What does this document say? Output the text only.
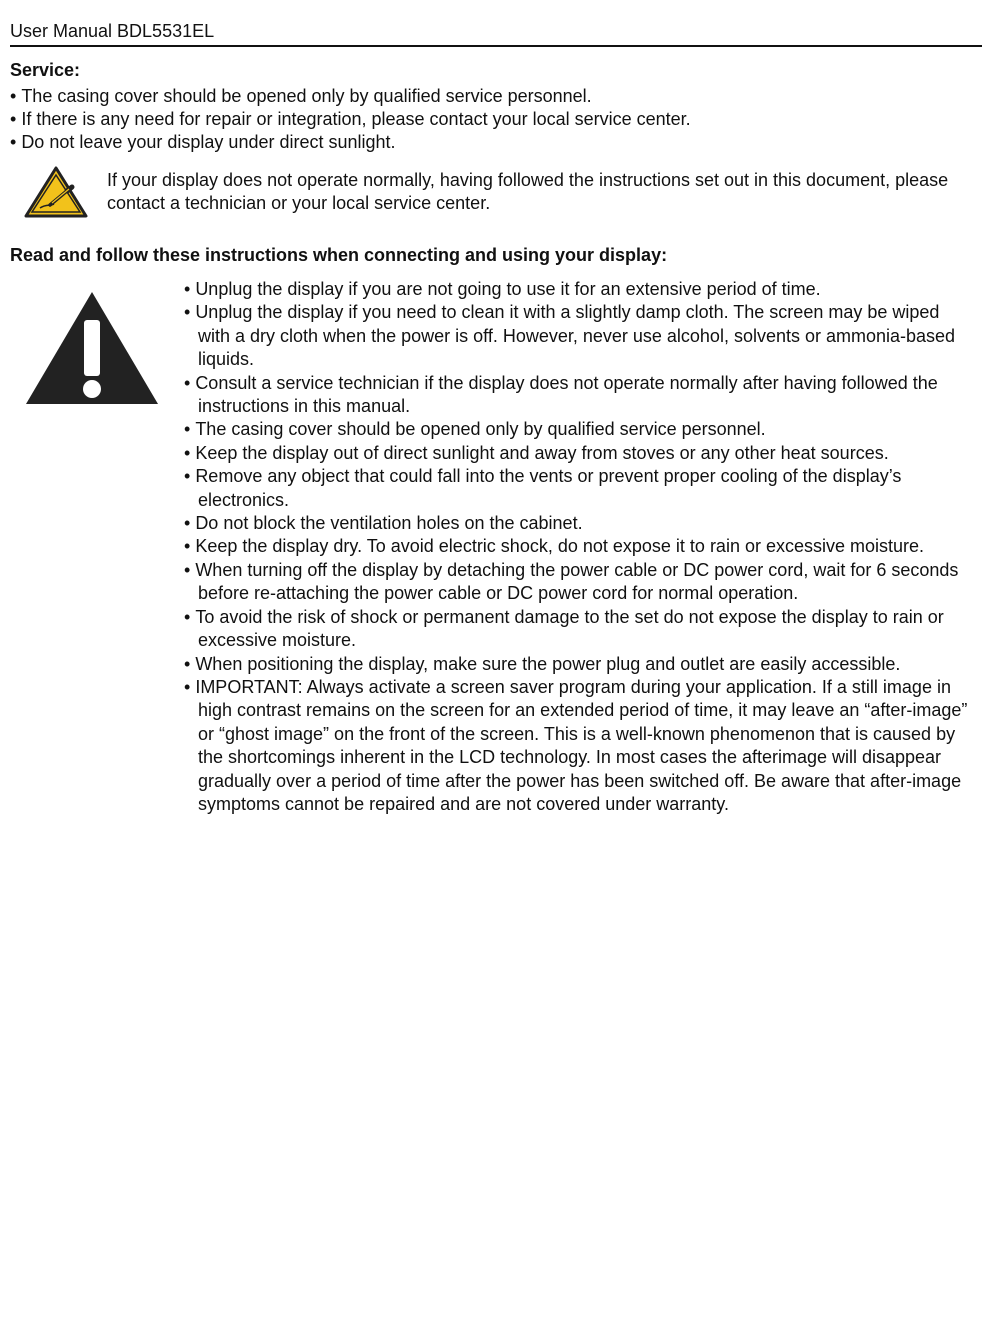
User Manual BDL5531EL
Service:
• The casing cover should be opened only by qualified service personnel.
• If there is any need for repair or integration, please contact your local service center.
• Do not leave your display under direct sunlight.
If your display does not operate normally, having followed the instructions set out in this document, please contact a technician or your local service center.
Read and follow these instructions when connecting and using your display:
• Unplug the display if you are not going to use it for an extensive period of time.
• Unplug the display if you need to clean it with a slightly damp cloth. The screen may be wiped with a dry cloth when the power is off. However, never use alcohol, solvents or ammonia-based liquids.
• Consult a service technician if the display does not operate normally after having followed the instructions in this manual.
• The casing cover should be opened only by qualified service personnel.
• Keep the display out of direct sunlight and away from stoves or any other heat sources.
• Remove any object that could fall into the vents or prevent proper cooling of the display’s electronics.
• Do not block the ventilation holes on the cabinet.
• Keep the display dry. To avoid electric shock, do not expose it to rain or excessive moisture.
• When turning off the display by detaching the power cable or DC power cord, wait for 6 seconds before re-attaching the power cable or DC power cord for normal operation.
• To avoid the risk of shock or permanent damage to the set do not expose the display to rain or excessive moisture.
• When positioning the display, make sure the power plug and outlet are easily accessible.
• IMPORTANT: Always activate a screen saver program during your application. If a still image in high contrast remains on the screen for an extended period of time, it may leave an “after-image” or “ghost image” on the front of the screen. This is a well-known phenomenon that is caused by the shortcomings inherent in the LCD technology. In most cases the afterimage will disappear gradually over a period of time after the power has been switched off. Be aware that after-image symptoms cannot be repaired and are not covered under warranty.
